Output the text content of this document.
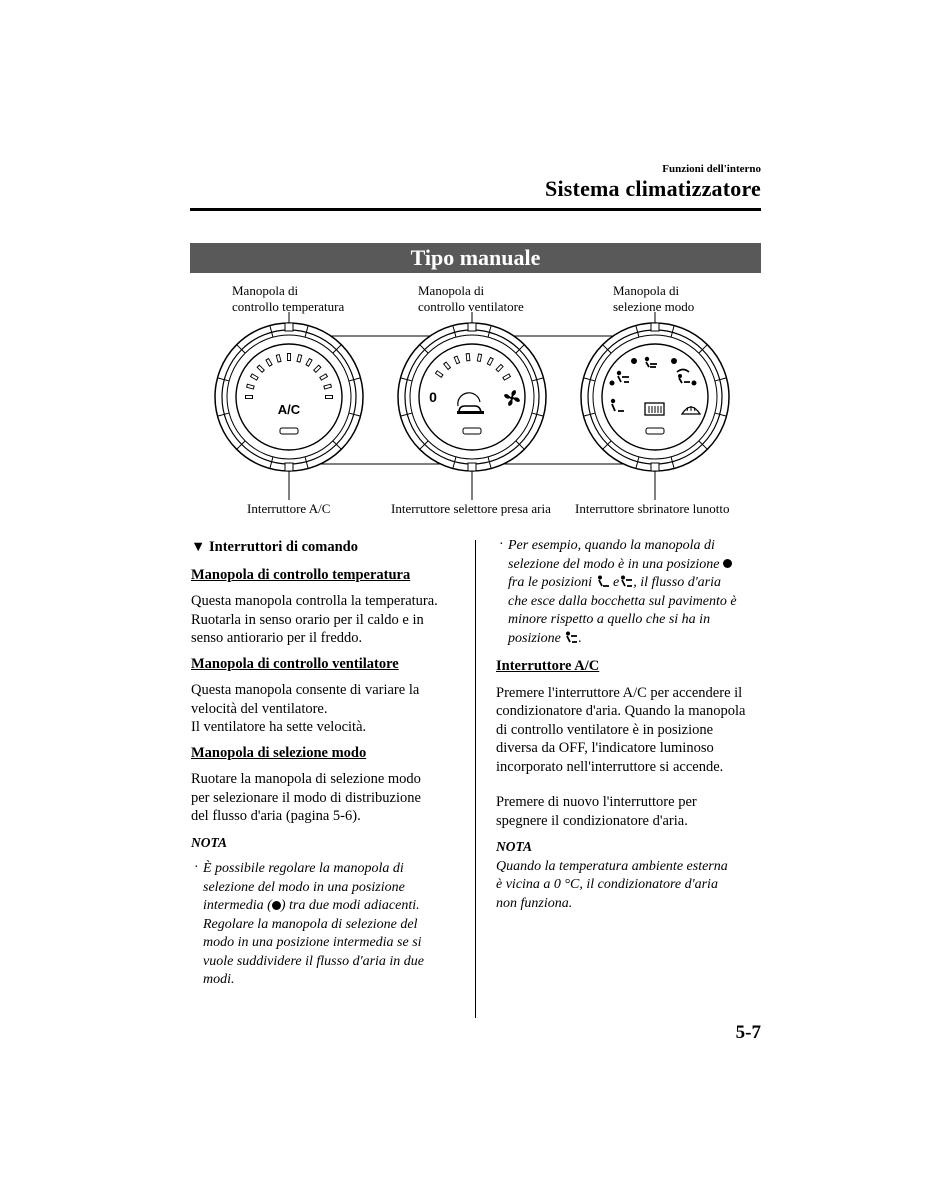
Funzioni dell'interno
Sistema climatizzatore
Tipo manuale
Manopola di
controllo temperatura
Manopola di
controllo ventilatore
Manopola di
selezione modo
A/C
0
Interruttore A/C	Interruttore selettore presa aria Interruttore sbrinatore lunotto
▼ Interruttori di comando
Manopola di controllo temperatura

Questa manopola controlla la temperatura.

Ruotarla in senso orario per il caldo e in

senso antiorario per il freddo.

Manopola di controllo ventilatore

Questa manopola consente di variare la

velocità del ventilatore.

Il ventilatore ha sette velocità.

Manopola di selezione modo

Ruotare la manopola di selezione modo

per selezionare il modo di distribuzione

del flusso d'aria (pagina 5-6).

NOTA
· È possibile regolare la manopola di
selezione del modo in una posizione
intermedia ( ) tra due modi adiacenti.
Regolare la manopola di selezione del
modo in una posizione intermedia se si
vuole suddividere il flusso d'aria in due
modi.
· Per esempio, quando la manopola di
selezione del modo è in una posizione
fra le posizioni e , il flusso d'aria
che esce dalla bocchetta sul pavimento è
minore rispetto a quello che si ha in
posizione .
Interruttore A/C

Premere l'interruttore A/C per accendere il

condizionatore d'aria. Quando la manopola

di controllo ventilatore è in posizione

diversa da OFF, l'indicatore luminoso

incorporato nell'interruttore si accende.

Premere di nuovo l'interruttore per

spegnere il condizionatore d'aria.

NOTA
Quando la temperatura ambiente esterna
è vicina a 0 °C, il condizionatore d'aria
non funziona.
5-7
